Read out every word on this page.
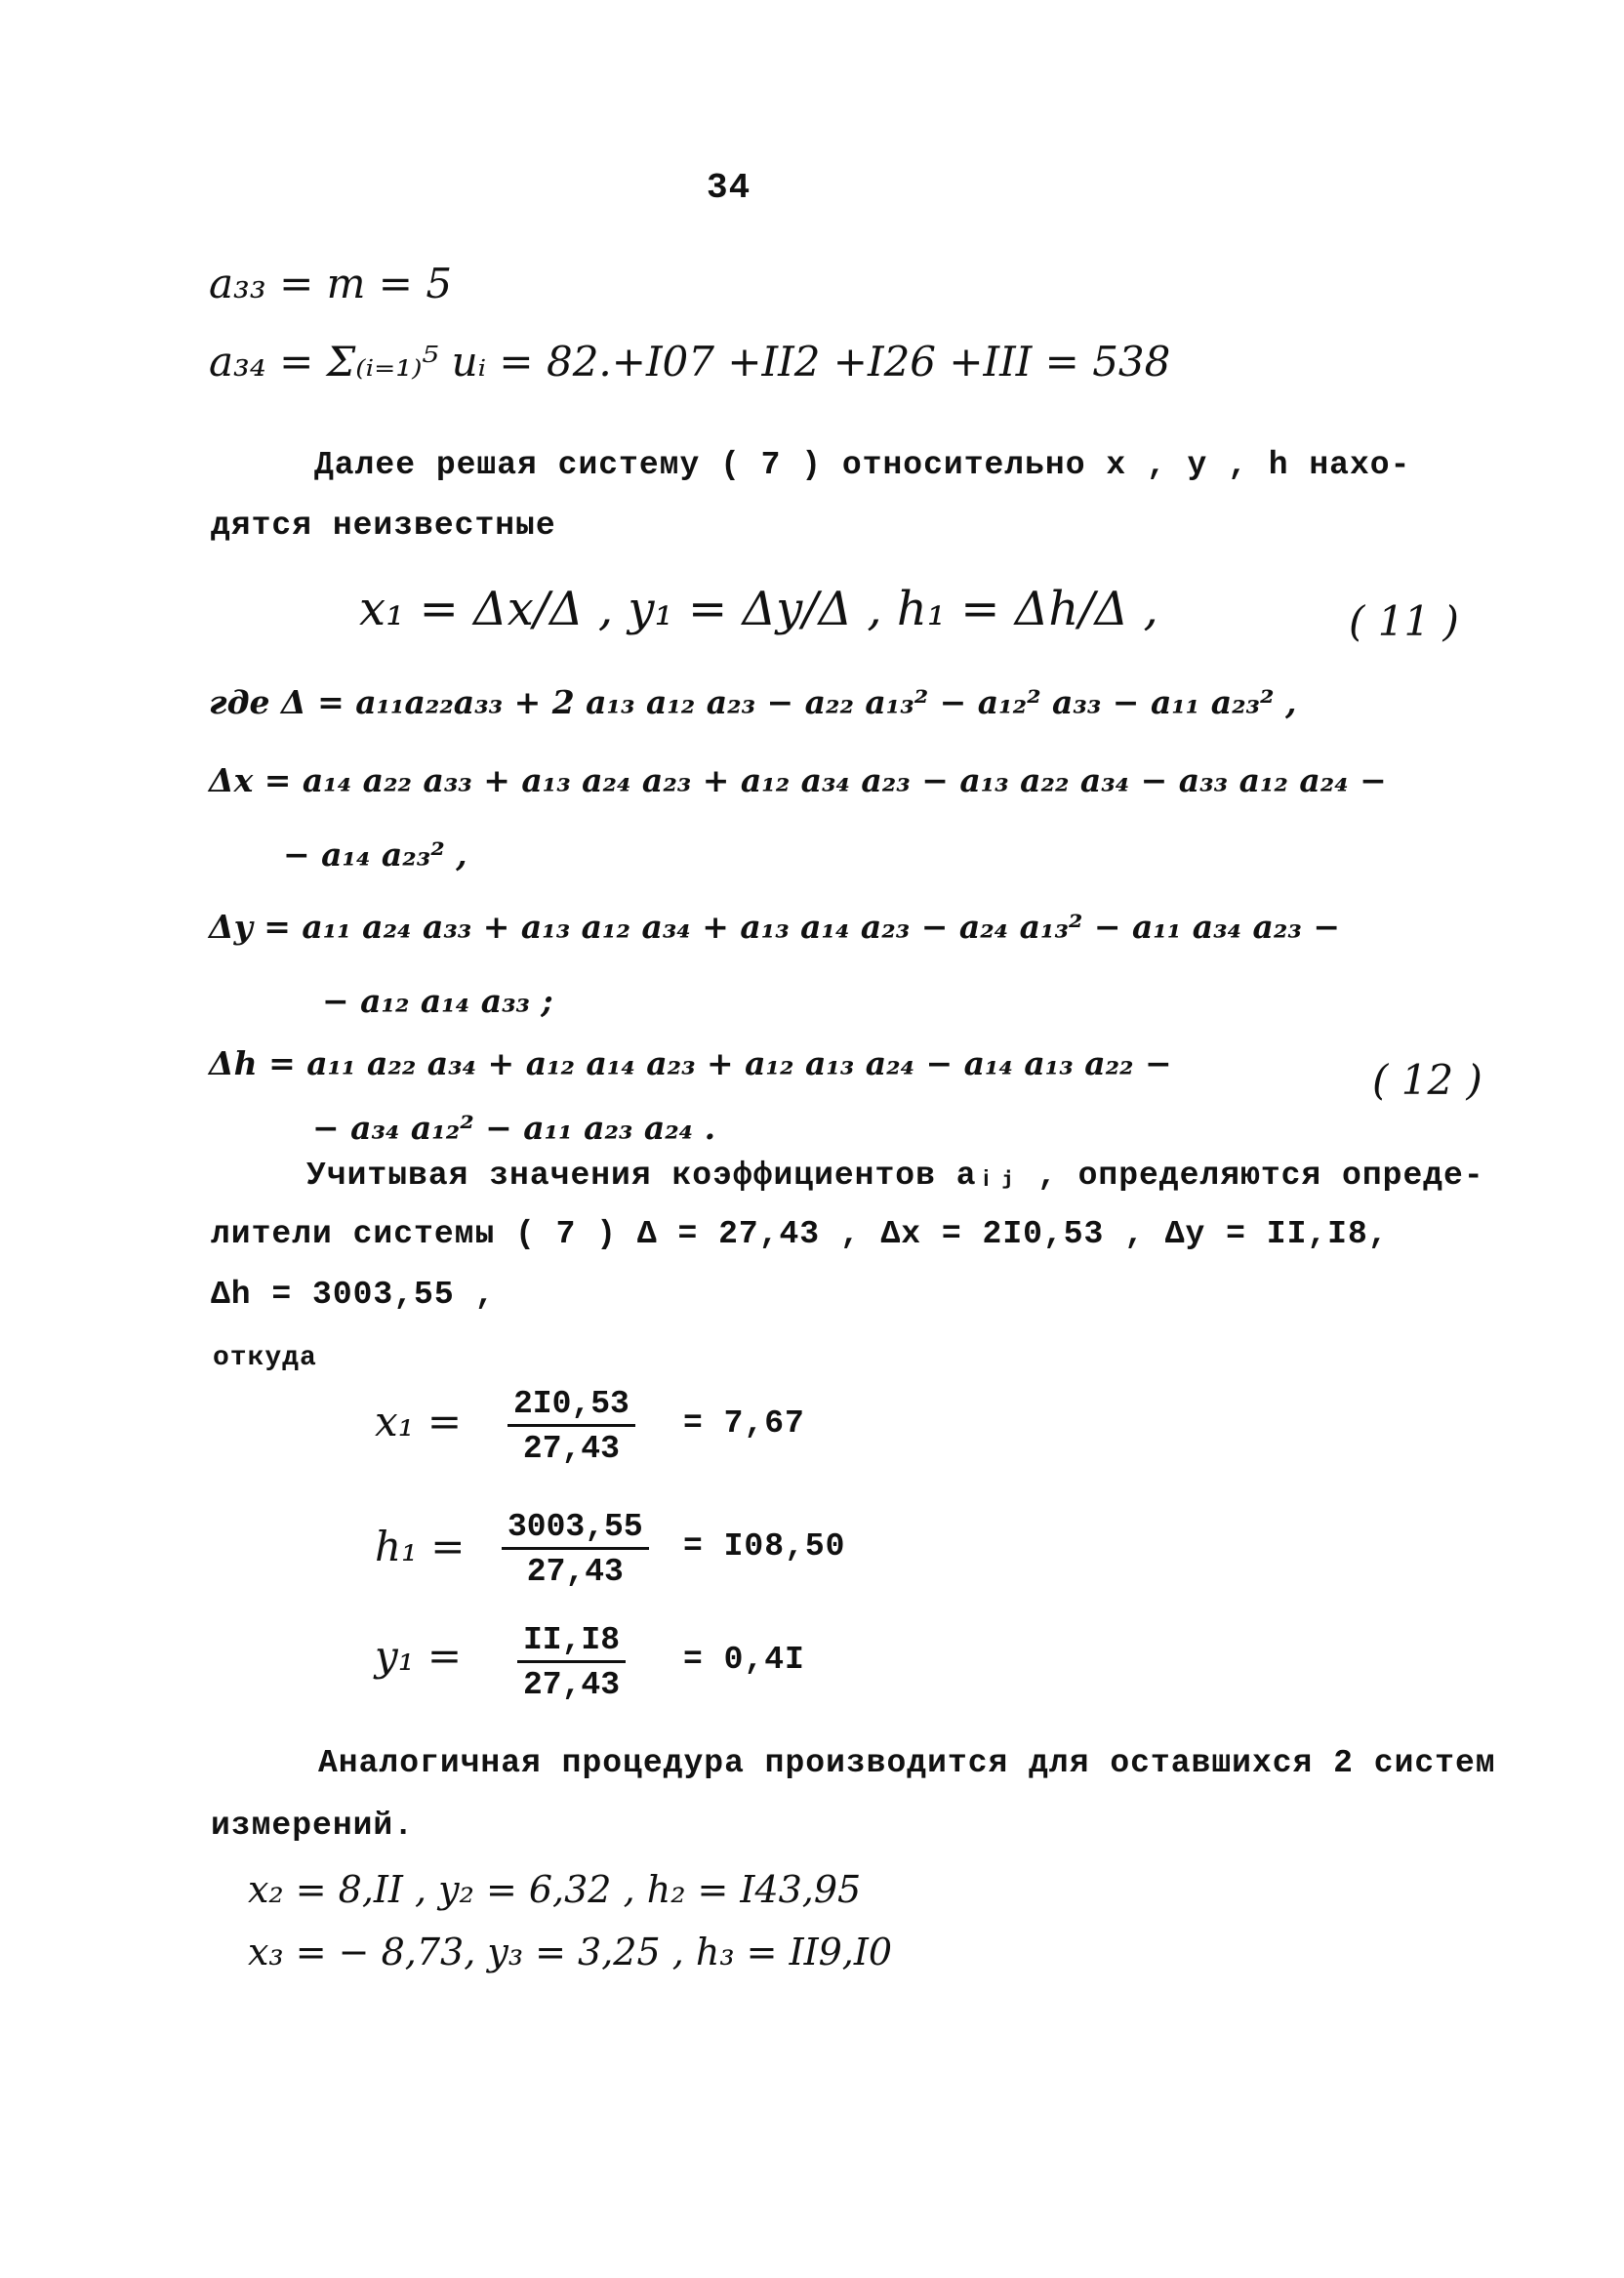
34
a₃₃ = m = 5
a₃₄ = Σ₍ᵢ₌₁₎⁵ uᵢ = 82.+I07 +II2 +I26 +III = 538
Далее решая систему ( 7 ) относительно x , y , h нахо-
дятся неизвестные
x₁ = Δx/Δ , y₁ = Δy/Δ , h₁ = Δh/Δ ,	( 11 )
где Δ = a₁₁a₂₂a₃₃ + 2 a₁₃ a₁₂ a₂₃ − a₂₂ a₁₃² − a₁₂² a₃₃ − a₁₁ a₂₃² ,
Δx = a₁₄ a₂₂ a₃₃ + a₁₃ a₂₄ a₂₃ + a₁₂ a₃₄ a₂₃ − a₁₃ a₂₂ a₃₄ − a₃₃ a₁₂ a₂₄ −
− a₁₄ a₂₃² ,
Δy = a₁₁ a₂₄ a₃₃ + a₁₃ a₁₂ a₃₄ + a₁₃ a₁₄ a₂₃ − a₂₄ a₁₃² − a₁₁ a₃₄ a₂₃ −
− a₁₂ a₁₄ a₃₃ ;
Δh = a₁₁ a₂₂ a₃₄ + a₁₂ a₁₄ a₂₃ + a₁₂ a₁₃ a₂₄ − a₁₄ a₁₃ a₂₂ −	( 12 )
− a₃₄ a₁₂² − a₁₁ a₂₃ a₂₄ .
Учитывая значения коэффициентов aᵢⱼ , определяются опреде-
лители системы ( 7 ) Δ = 27,43 , Δx = 2I0,53 , Δy = II,I8,
Δh = 3003,55 ,
откуда
$x_1 = \frac{2I0,53}{27,43} = 7,67$
$h_1 = \frac{3003,55}{27,43} = I08,50$
$y_1 = \frac{II,I8}{27,43} = 0,4I$
Аналогичная процедура производится для оставшихся 2 систем
измерений.
x₂ = 8,II , y₂ = 6,32 , h₂ = I43,95
x₃ = − 8,73, y₃ = 3,25 , h₃ = II9,I0
